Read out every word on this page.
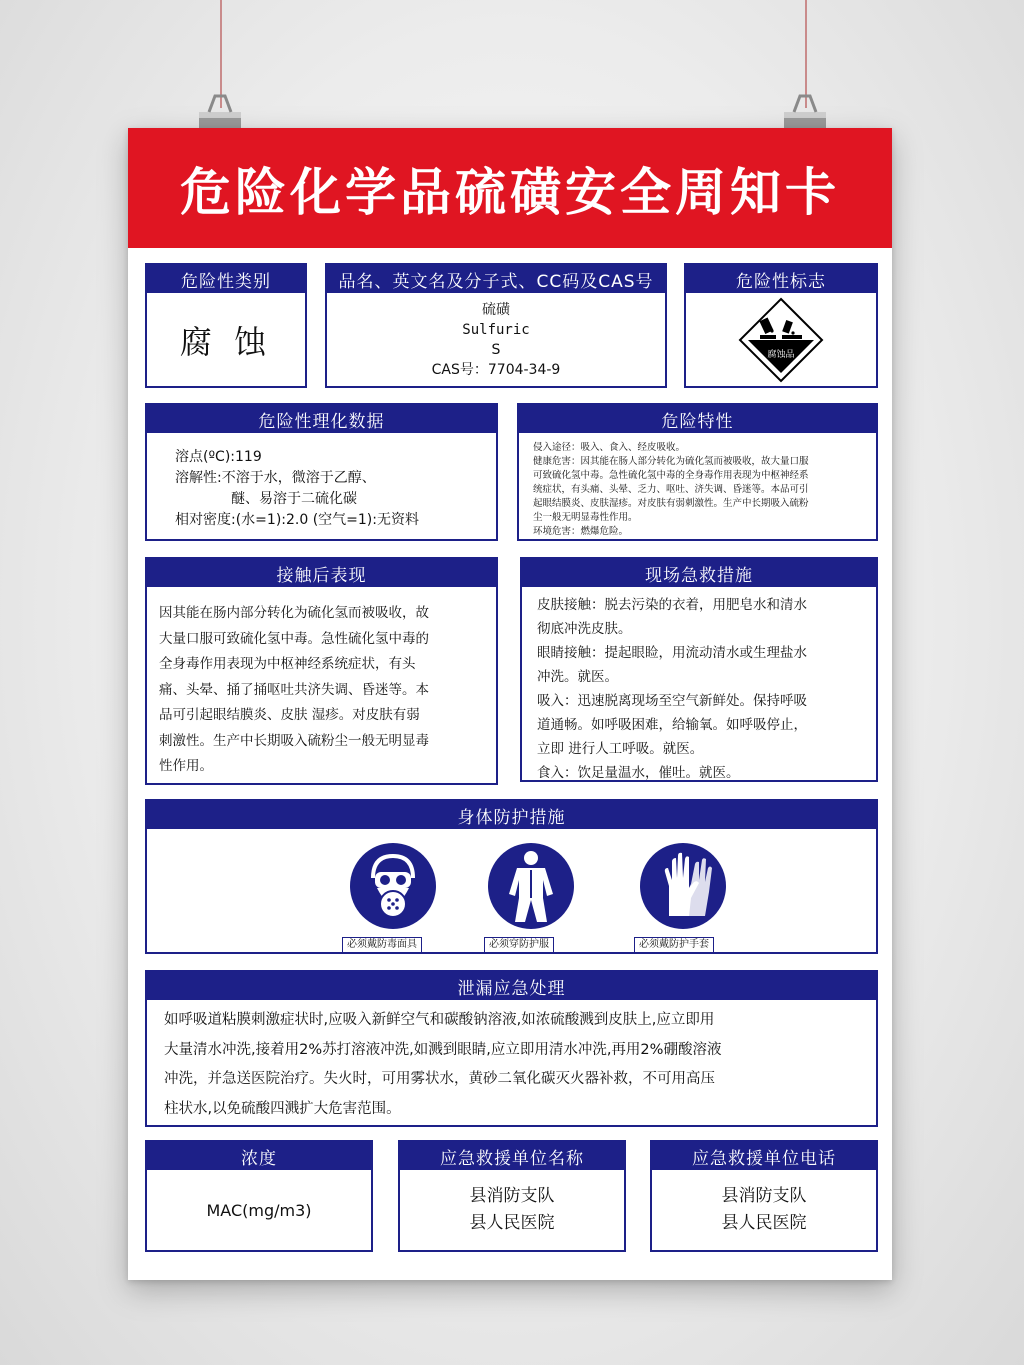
危险化学品硫磺安全周知卡
危险性类别
腐 蚀
品名、英文名及分子式、CC码及CAS号
硫磺
Sulfuric
S
CAS号：7704-34-9
危险性标志
腐蚀品
危险性理化数据
溶点(ºC):119
溶解性:不溶于水，微溶于乙醇、
醚、易溶于二硫化碳
相对密度:(水=1):2.0 (空气=1):无资料
危险特性
侵入途径：吸入、食入、经皮吸收。
健康危害：因其能在肠人部分转化为硫化氢而被吸收，故大量口服
可致硫化氢中毒。急性硫化氢中毒的全身毒作用表现为中枢神经系
统症状，有头痛、头晕、乏力、呕吐、济失调、昏迷等。本品可引
起眼结膜炎、皮肤湿疹。对皮肤有弱刺激性。生产中长期吸入硫粉
尘一般无明显毒性作用。
环境危害：燃爆危险。
接触后表现
因其能在肠内部分转化为硫化氢而被吸收，故
大量口服可致硫化氢中毒。急性硫化氢中毒的
全身毒作用表现为中枢神经系统症状，有头
痛、头晕、捅了捅呕吐共济失调、昏迷等。本
品可引起眼结膜炎、皮肤 湿疹。对皮肤有弱
刺激性。生产中长期吸入硫粉尘一般无明显毒
性作用。
现场急救措施
皮肤接触：脱去污染的衣着，用肥皂水和清水
彻底冲洗皮肤。
眼睛接触：提起眼睑，用流动清水或生理盐水
冲洗。就医。
吸入：迅速脱离现场至空气新鲜处。保持呼吸
道通畅。如呼吸困难，给输氧。如呼吸停止，
立即 进行人工呼吸。就医。
食入：饮足量温水，催吐。就医。
身体防护措施
必须戴防毒面具	必须穿防护服	必须戴防护手套
泄漏应急处理
如呼吸道粘膜刺激症状时,应吸入新鲜空气和碳酸钠溶液,如浓硫酸溅到皮肤上,应立即用
大量清水冲洗,接着用2%苏打溶液冲洗,如溅到眼睛,应立即用清水冲洗,再用2%硼酸溶液
冲洗，并急送医院治疗。失火时，可用雾状水，黄砂二氧化碳灭火器补救，不可用高压
柱状水,以免硫酸四溅扩大危害范围。
浓度
MAC(mg/m3)
应急救援单位名称
县消防支队
县人民医院
应急救援单位电话
县消防支队
县人民医院
